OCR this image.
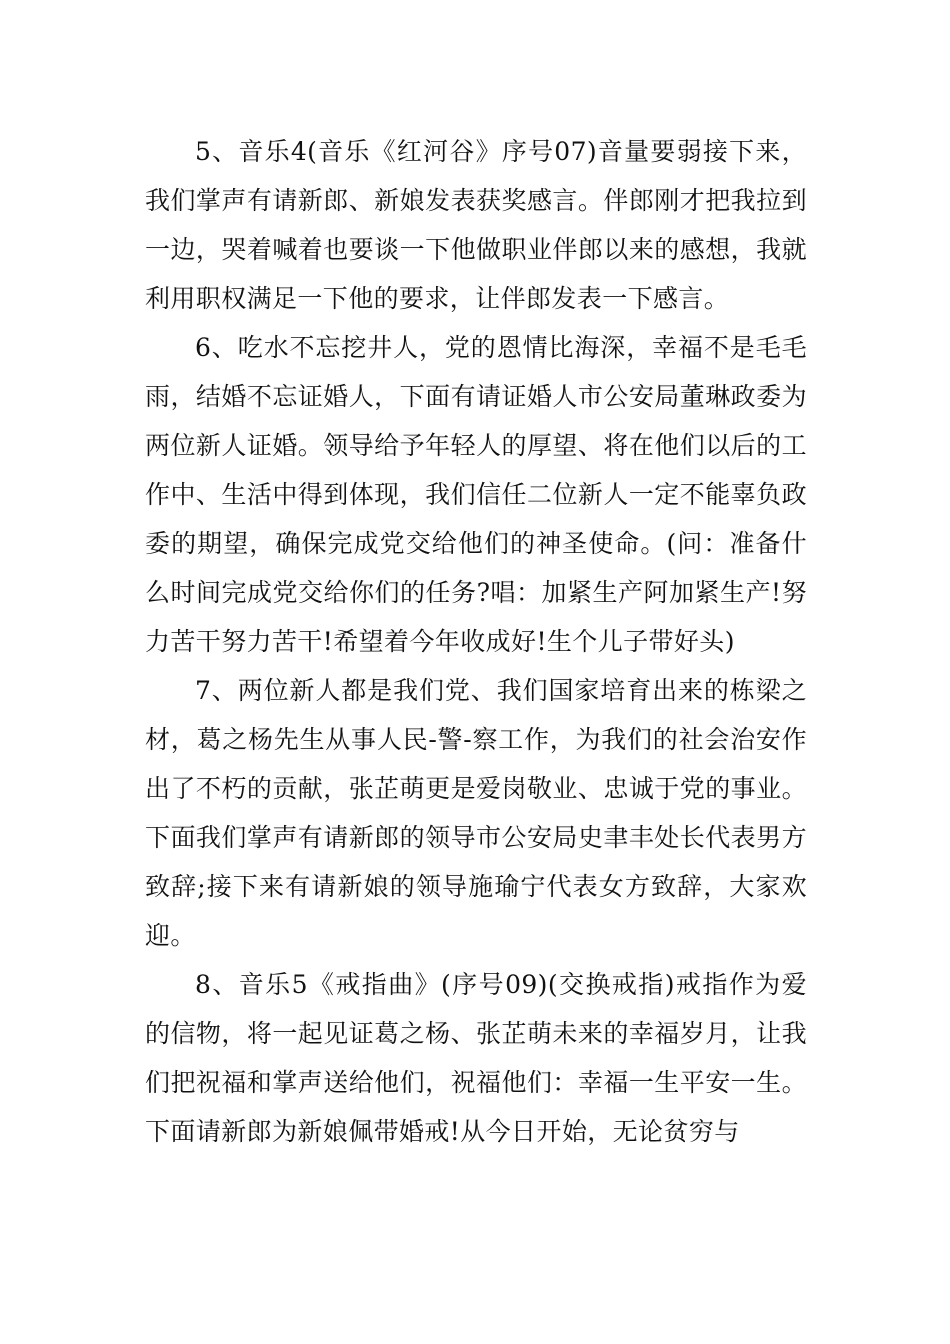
5、音乐4(音乐《红河谷》序号07)音量要弱接下来，我们掌声有请新郎、新娘发表获奖感言。伴郎刚才把我拉到一边，哭着喊着也要谈一下他做职业伴郎以来的感想，我就利用职权满足一下他的要求，让伴郎发表一下感言。

6、吃水不忘挖井人，党的恩情比海深，幸福不是毛毛雨，结婚不忘证婚人，下面有请证婚人市公安局董琳政委为两位新人证婚。领导给予年轻人的厚望、将在他们以后的工作中、生活中得到体现，我们信任二位新人一定不能辜负政委的期望，确保完成党交给他们的神圣使命。(问：准备什么时间完成党交给你们的任务?唱：加紧生产阿加紧生产!努力苦干努力苦干!希望着今年收成好!生个儿子带好头)

7、两位新人都是我们党、我们国家培育出来的栋梁之材，葛之杨先生从事人民-警-察工作，为我们的社会治安作出了不朽的贡献，张芷萌更是爱岗敬业、忠诚于党的事业。下面我们掌声有请新郎的领导市公安局史聿丰处长代表男方致辞;接下来有请新娘的领导施瑜宁代表女方致辞，大家欢迎。

8、音乐5《戒指曲》(序号09)(交换戒指)戒指作为爱的信物，将一起见证葛之杨、张芷萌未来的幸福岁月，让我们把祝福和掌声送给他们，祝福他们：幸福一生平安一生。下面请新郎为新娘佩带婚戒!从今日开始，无论贫穷与
